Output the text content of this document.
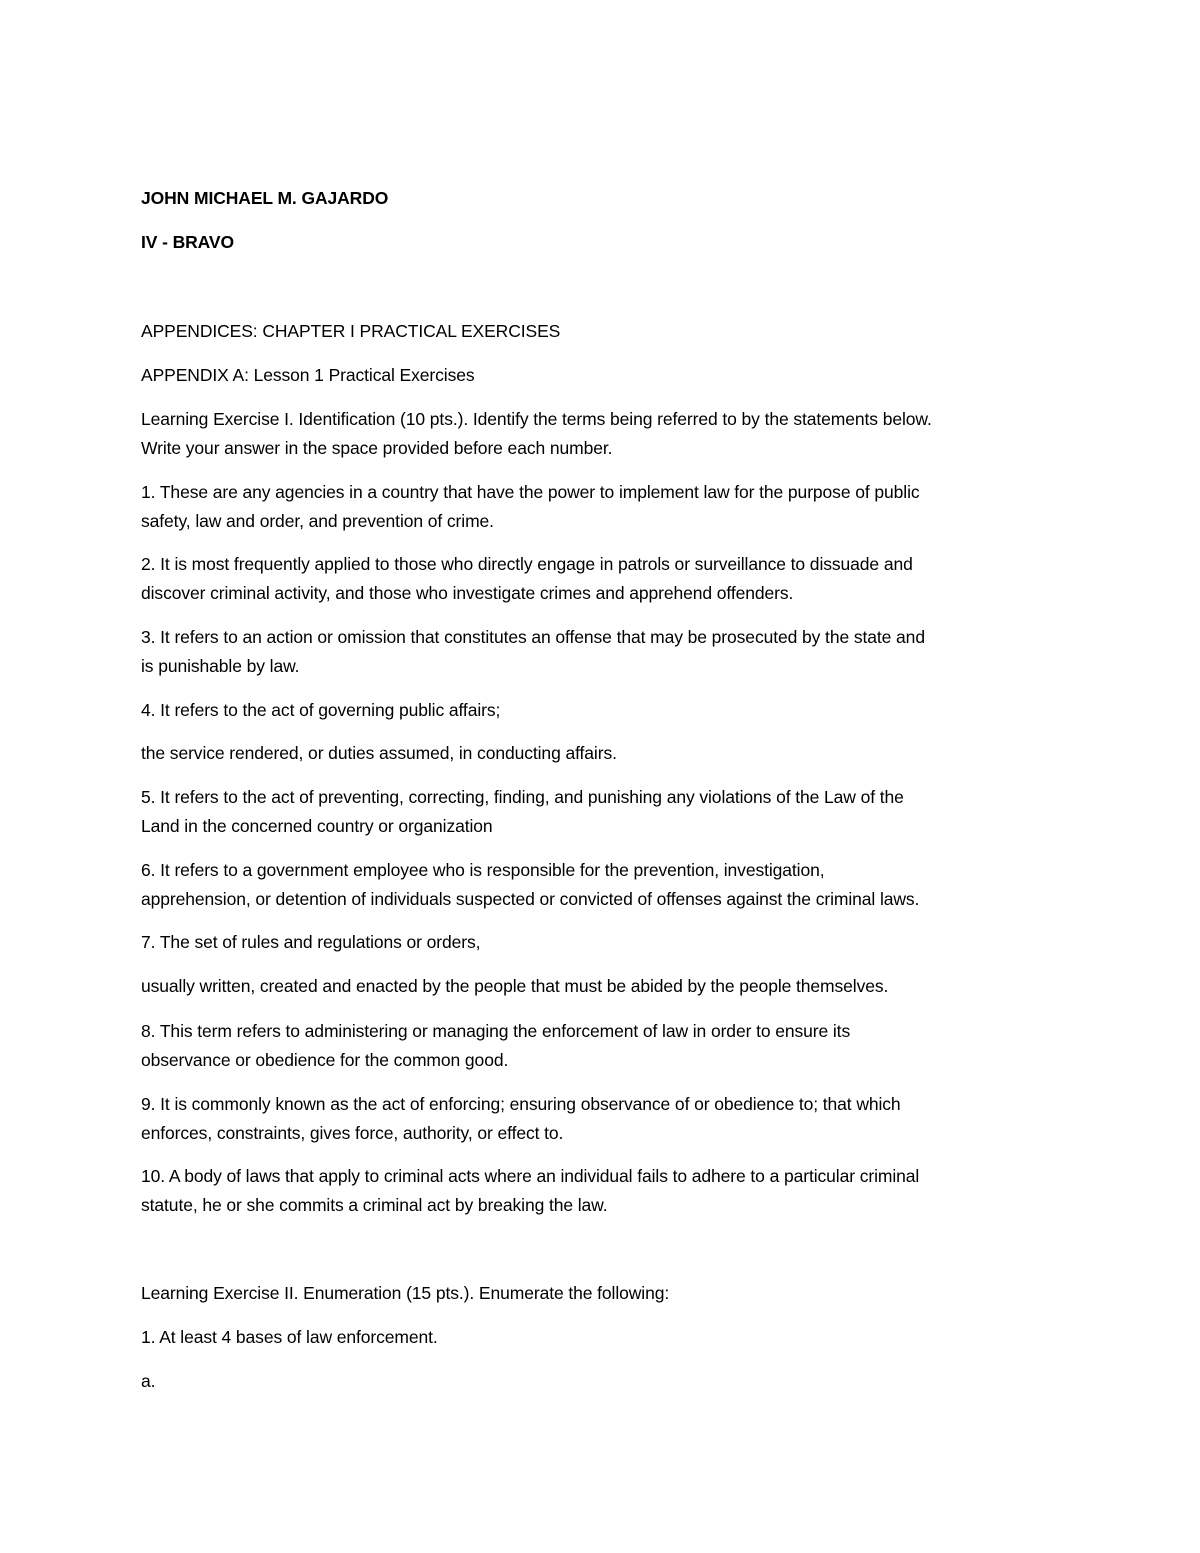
JOHN MICHAEL M. GAJARDO
IV - BRAVO
APPENDICES: CHAPTER I PRACTICAL EXERCISES
APPENDIX A: Lesson 1 Practical Exercises
Learning Exercise I. Identification (10 pts.). Identify the terms being referred to by the statements below.
Write your answer in the space provided before each number.
1. These are any agencies in a country that have the power to implement law for the purpose of public
safety, law and order, and prevention of crime.
2. It is most frequently applied to those who directly engage in patrols or surveillance to dissuade and
discover criminal activity, and those who investigate crimes and apprehend offenders.
3. It refers to an action or omission that constitutes an offense that may be prosecuted by the state and
is punishable by law.
4. It refers to the act of governing public affairs;
the service rendered, or duties assumed, in conducting affairs.
5. It refers to the act of preventing, correcting, finding, and punishing any violations of the Law of the
Land in the concerned country or organization
6. It refers to a government employee who is responsible for the prevention, investigation,
apprehension, or detention of individuals suspected or convicted of offenses against the criminal laws.
7. The set of rules and regulations or orders,
usually written, created and enacted by the people that must be abided by the people themselves.
8. This term refers to administering or managing the enforcement of law in order to ensure its
observance or obedience for the common good.
9. It is commonly known as the act of enforcing; ensuring observance of or obedience to; that which
enforces, constraints, gives force, authority, or effect to.
10. A body of laws that apply to criminal acts where an individual fails to adhere to a particular criminal
statute, he or she commits a criminal act by breaking the law.
Learning Exercise II. Enumeration (15 pts.). Enumerate the following:
1. At least 4 bases of law enforcement.
a.
